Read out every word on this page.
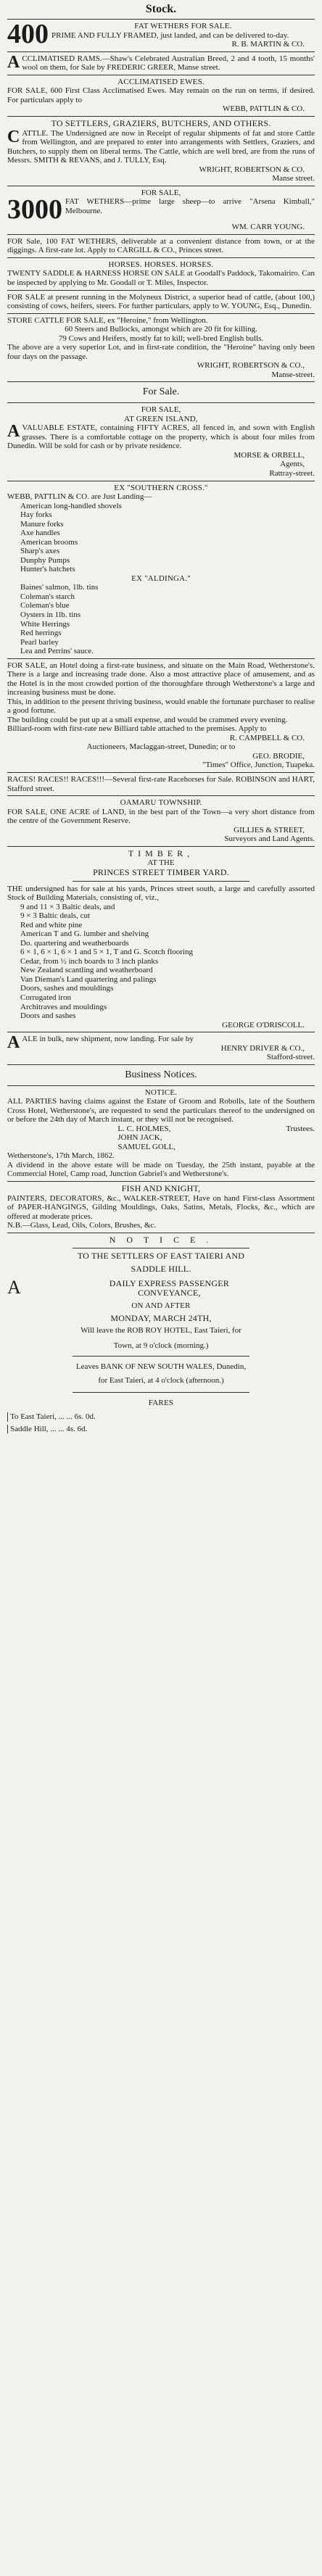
Stock.
400	FAT WETHERS FOR SALE.

PRIME AND FULLY FRAMED, just landed, and can be delivered to-day.

R. B. MARTIN & CO.
A CCLIMATISED RAMS.—Shaw's Celebrated Australian Breed, 2 and 4 tooth, 15 months' wool on them, for Sale by FREDERIC GREER, Manse street.

ACCLIMATISED EWES.

FOR SALE, 600 First Class Acclimatised Ewes. May remain on the run on terms, if desired. For particulars apply to

WEBB, PATTLIN & CO.
TO SETTLERS, GRAZIERS, BUTCHERS, AND OTHERS.
C ATTLE. The Undersigned are now in Receipt of regular shipments of fat and store Cattle from Wellington, and are prepared to enter into arrangements with Settlers, Graziers, and Butchers, to supply them on liberal terms. The Cattle, which are well bred, are from the runs of Messrs. SMITH & REVANS, and J. TULLY, Esq.

WRIGHT, ROBERTSON & CO.
Manse street.
FOR SALE,
3000 FAT WETHERS—prime large sheep—to arrive "Arsena Kimball," Melbourne.

WM. CARR YOUNG.

FOR Sale, 100 FAT WETHERS, deliverable at a convenient distance from town, or at the diggings. A first-rate lot. Apply to CARGILL & CO., Princes street.

HORSES. HORSES. HORSES.

TWENTY SADDLE & HARNESS HORSE ON SALE at Goodall's Paddock, Takomairiro. Can be inspected by applying to Mr. Goodall or T. Miles, Inspector.

FOR SALE at present running in the Molyneux District, a superior head of cattle, (about 100,) consisting of cows, heifers, steers. For further particulars, apply to W. YOUNG, Esq., Dunedin.

STORE CATTLE FOR SALE, ex "Heroine," from Wellington.

60 Steers and Bullocks, amongst which are 20 fit for killing.

79 Cows and Heifers, mostly fat to kill; well-bred English bulls.

The above are a very superior Lot, and in first-rate condition, the "Heroine" having only been four days on the passage.

WRIGHT, ROBERTSON & CO.,
Manse-street.
For Sale.
FOR SALE,
AT GREEN ISLAND,
A VALUABLE ESTATE, containing FIFTY ACRES, all fenced in, and sown with English grasses. There is a comfortable cottage on the property, which is about four miles from Dunedin. Will be sold for cash or by private residence.

MORSE & ORBELL,
Agents,
Rattray-street.
EX "SOUTHERN CROSS."

WEBB, PATTLIN & CO. are Just Landing—

American long-handled shovels
Hay forks
Manure forks
Axe handles
American brooms
Sharp's axes
Dunphy Pumps
Hunter's hatchets
EX "ALDINGA."
Baines' salmon, 1lb. tins
Coleman's starch
Coleman's blue
Oysters in 1lb. tins
White Herrings
Red herrings
Pearl barley
Lea and Perrins' sauce.

FOR SALE, an Hotel doing a first-rate business, and situate on the Main Road, Wetherstone's. There is a large and increasing trade done. Also a most attractive place of amusement, and as the Hotel is in the most crowded portion of the thoroughfare through Wetherstone's a large and increasing business must be done.

This, in addition to the present thriving business, would enable the fortunate purchaser to realise a good fortune.

The building could be put up at a small expense, and would be crammed every evening.

Billiard-room with first-rate new Billiard table attached to the premises. Apply to

R. CAMPBELL & CO.
Auctioneers, Maclaggan-street, Dunedin; or to
GEO. BRODIE,
"Times" Office, Junction, Tuapeka.

RACES! RACES!! RACES!!!—Several first-rate Racehorses for Sale. ROBINSON and HART, Stafford street.

OAMARU TOWNSHIP.

FOR SALE, ONE ACRE of LAND, in the best part of the Town—a very short distance from the centre of the Government Reserve.

GILLIES & STREET,
Surveyors and Land Agents.
TIMBER,
AT THE
PRINCES STREET TIMBER YARD.

THE undersigned has for sale at his yards, Princes street south, a large and carefully assorted Stock of Building Materials, consisting of, viz.,

9 and 11 × 3 Baltic deals, and
9 × 3 Baltic deals, cut
Red and white pine
American T and G. lumber and shelving
Do. quartering and weatherboards
6 × 1, 6 × 1, 6 × 1 and 5 × 1, T and G. Scotch flooring
Cedar, from ½ inch boards to 3 inch planks
New Zealand scantling and weatherboard
Van Dieman's Land quartering and palings
Doors, sashes and mouldings
Corrugated iron
Architraves and mouldings
Doors and sashes
GEORGE O'DRISCOLL.
A ALE in bulk, new shipment, now landing. For sale by

HENRY DRIVER & CO.,
Stafford-street.
Business Notices.
NOTICE.

ALL PARTIES having claims against the Estate of Groom and Robolls, late of the Southern Cross Hotel, Wetherstone's, are requested to send the particulars thereof to the undersigned on or before the 24th day of March instant, or they will not be recognised.

L. C. HOLMES,
JOHN JACK,
SAMUEL GOLL,
Trustees.
Wetherstone's, 17th March, 1862.

A dividend in the above estate will be made on Tuesday, the 25th instant, payable at the Commercial Hotel, Camp road, Junction Gabriel's and Wetherstone's.

FISH AND KNIGHT,

PAINTERS, DECORATORS, &c., WALKER-STREET, Have on hand First-class Assortment of PAPER-HANGINGS, Gilding Mouldings, Oaks, Satins, Metals, Flocks, &c., which are offered at moderate prices.

N.B.—Glass, Lead, Oils, Colors, Brushes, &c.

N O T I C E .
TO THE SETTLERS OF EAST TAIERI AND
SADDLE HILL.
A	DAILY EXPRESS PASSENGER
CONVEYANCE,
ON AND AFTER
MONDAY, MARCH 24TH,
Will leave the ROB ROY HOTEL, East Taieri, for
Town, at 9 o'clock (morning.)
Leaves BANK OF NEW SOUTH WALES, Dunedin,
for East Taieri, at 4 o'clock (afternoon.)
FARES
To East Taieri, ... ... 6s. 0d.
Saddle Hill, ... ... 4s. 6d.
